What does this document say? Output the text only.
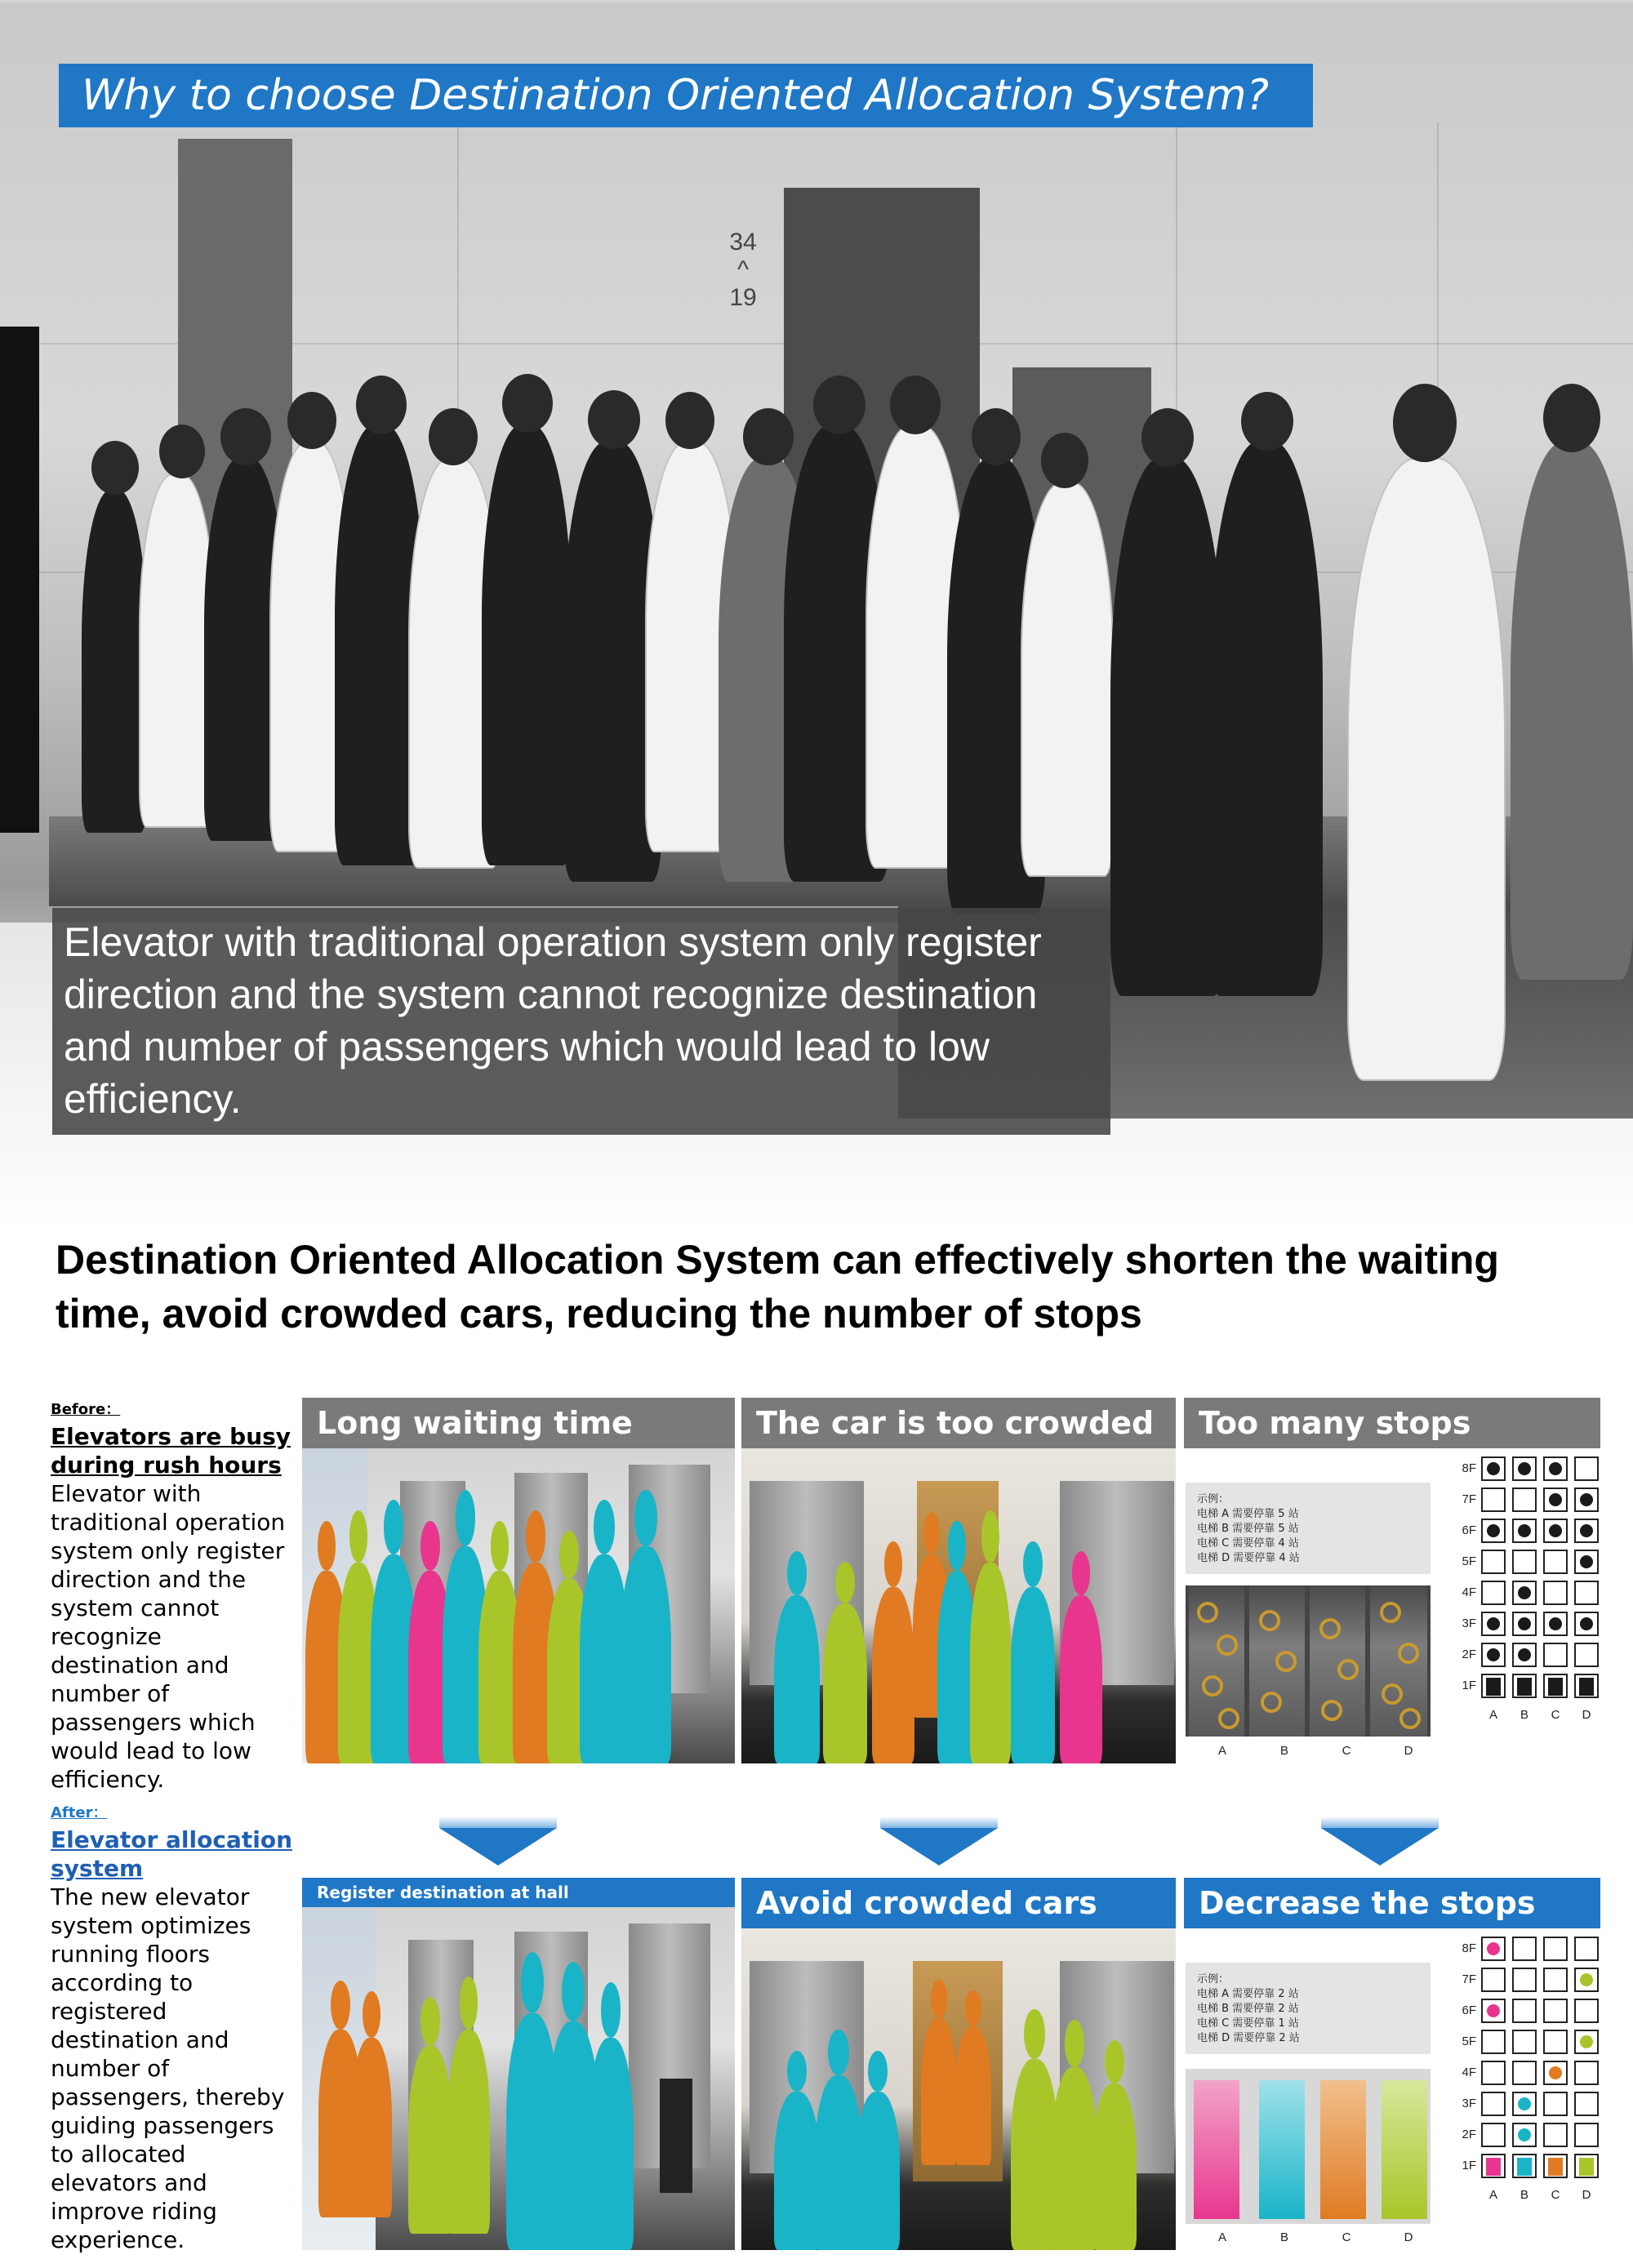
34
^
19
Why to choose Destination Oriented Allocation System?
Elevator with traditional operation system only register direction and the system cannot recognize destination and number of passengers which would lead to low efficiency.
Destination Oriented Allocation System can effectively shorten the waiting time, avoid crowded cars, reducing the number of stops
Before：
Elevators are busy during rush hours
Elevator with traditional operation system only register direction and the system cannot recognize destination and number of passengers which would lead to low efficiency.
After：
Elevator allocation system
The new elevator system optimizes running floors according to registered destination and number of passengers, thereby guiding passengers to allocated elevators and improve riding experience.
Long waiting time	The car is too crowded	Too many stops
示例：
电梯 A 需要停靠 5 站
电梯 B 需要停靠 5 站
电梯 C 需要停靠 4 站
电梯 D 需要停靠 4 站
A	B	C	D
8F
7F
6F
5F
4F
3F
2F
1F
A	B	C	D
Register destination at hall	Avoid crowded cars	Decrease the stops
示例：
电梯 A 需要停靠 2 站
电梯 B 需要停靠 2 站
电梯 C 需要停靠 1 站
电梯 D 需要停靠 2 站
A	B	C	D
8F
7F
6F
5F
4F
3F
2F
1F
A	B	C	D
